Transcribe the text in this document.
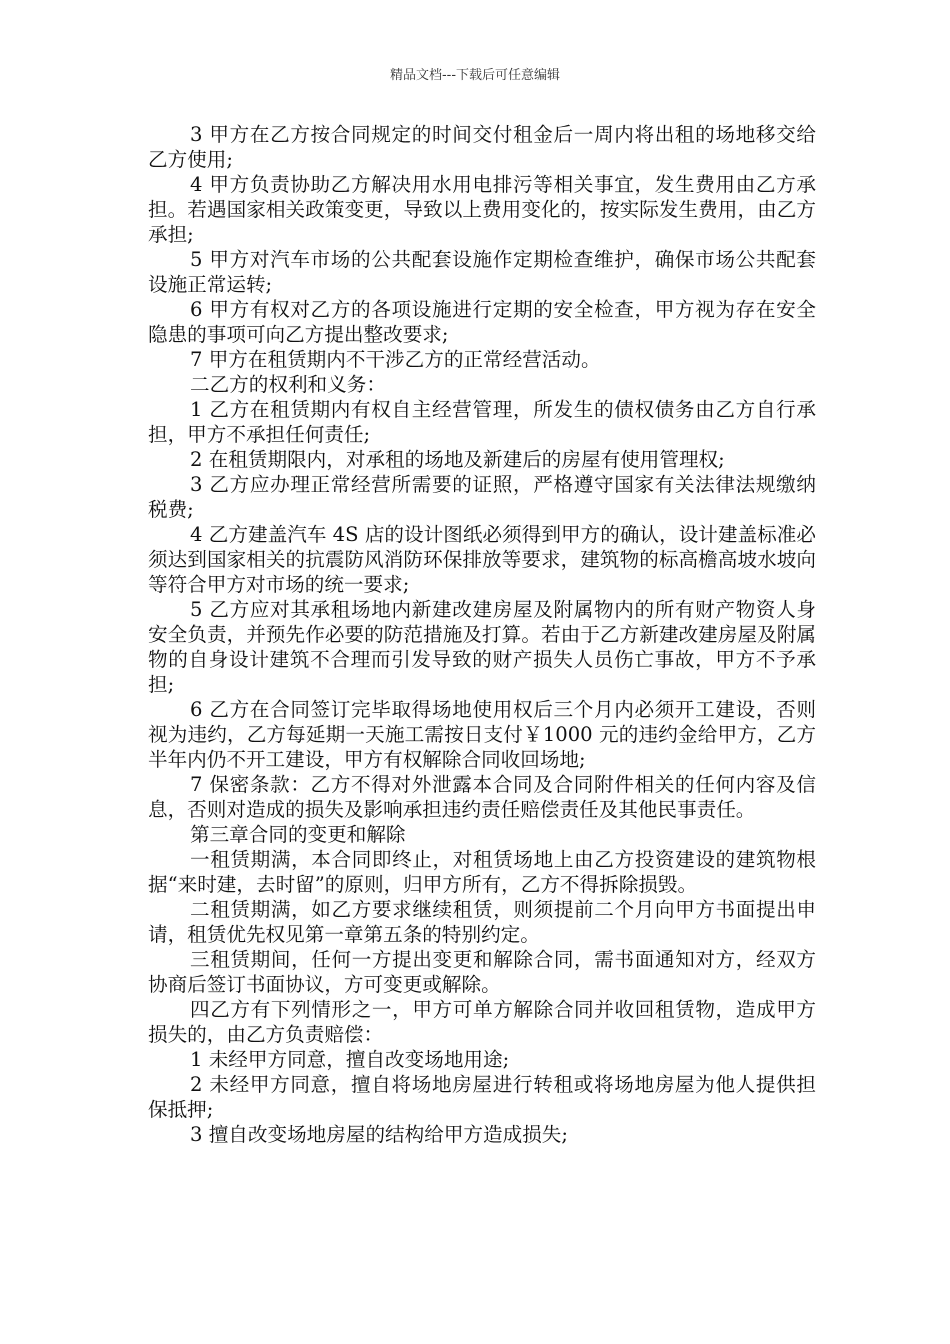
精品文档---下载后可任意编辑

3 甲方在乙方按合同规定的时间交付租金后一周内将出租的场地移交给乙方使用;

4 甲方负责协助乙方解决用水用电排污等相关事宜，发生费用由乙方承担。若遇国家相关政策变更，导致以上费用变化的，按实际发生费用，由乙方承担;

5 甲方对汽车市场的公共配套设施作定期检查维护，确保市场公共配套设施正常运转;

6 甲方有权对乙方的各项设施进行定期的安全检查，甲方视为存在安全隐患的事项可向乙方提出整改要求;

7 甲方在租赁期内不干涉乙方的正常经营活动。

二乙方的权利和义务：

1 乙方在租赁期内有权自主经营管理，所发生的债权债务由乙方自行承担，甲方不承担任何责任;

2 在租赁期限内，对承租的场地及新建后的房屋有使用管理权;

3 乙方应办理正常经营所需要的证照，严格遵守国家有关法律法规缴纳税费;

4 乙方建盖汽车 4S 店的设计图纸必须得到甲方的确认，设计建盖标准必须达到国家相关的抗震防风消防环保排放等要求，建筑物的标高檐高坡水坡向等符合甲方对市场的统一要求;

5 乙方应对其承租场地内新建改建房屋及附属物内的所有财产物资人身安全负责，并预先作必要的防范措施及打算。若由于乙方新建改建房屋及附属物的自身设计建筑不合理而引发导致的财产损失人员伤亡事故，甲方不予承担;

6 乙方在合同签订完毕取得场地使用权后三个月内必须开工建设，否则视为违约，乙方每延期一天施工需按日支付￥1000 元的违约金给甲方，乙方半年内仍不开工建设，甲方有权解除合同收回场地;

7 保密条款：乙方不得对外泄露本合同及合同附件相关的任何内容及信息，否则对造成的损失及影响承担违约责任赔偿责任及其他民事责任。

第三章合同的变更和解除

一租赁期满，本合同即终止，对租赁场地上由乙方投资建设的建筑物根据“来时建，去时留”的原则，归甲方所有，乙方不得拆除损毁。

二租赁期满，如乙方要求继续租赁，则须提前二个月向甲方书面提出申请，租赁优先权见第一章第五条的特别约定。

三租赁期间，任何一方提出变更和解除合同，需书面通知对方，经双方协商后签订书面协议，方可变更或解除。

四乙方有下列情形之一，甲方可单方解除合同并收回租赁物，造成甲方损失的，由乙方负责赔偿：

1 未经甲方同意，擅自改变场地用途;

2 未经甲方同意，擅自将场地房屋进行转租或将场地房屋为他人提供担保抵押;

3 擅自改变场地房屋的结构给甲方造成损失;
